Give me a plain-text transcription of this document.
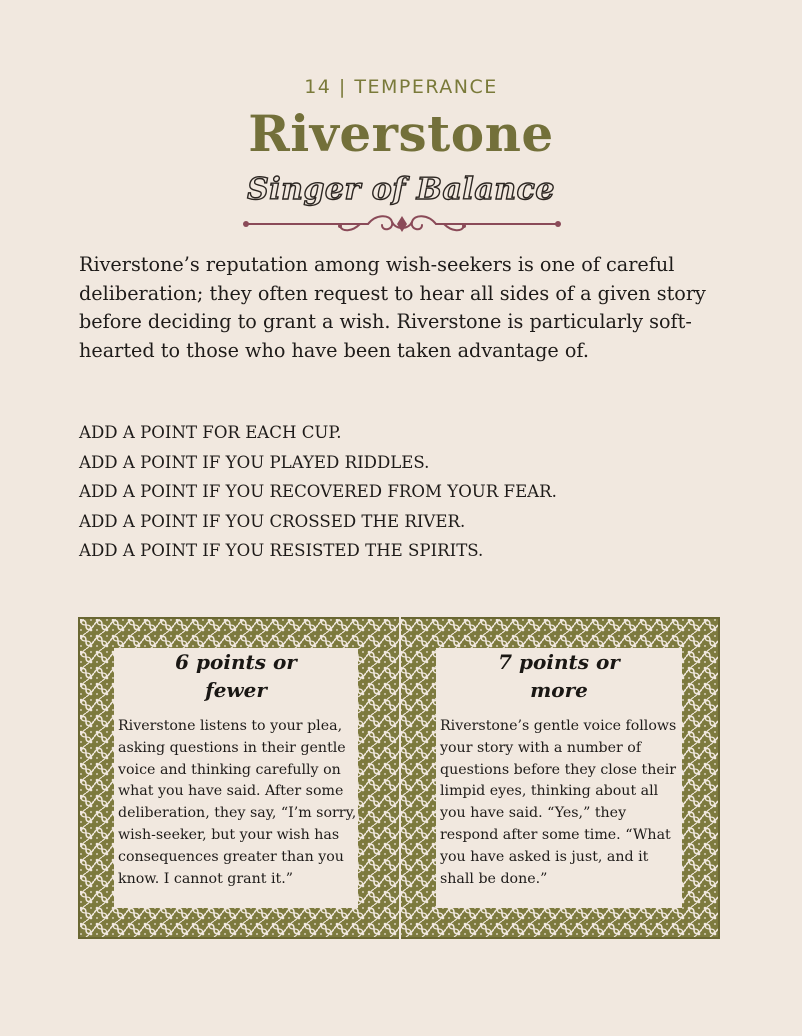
14 | TEMPERANCE
Riverstone
Singer of Balance
Riverstone’s reputation among wish-seekers is one of careful deliberation; they often request to hear all sides of a given story before deciding to grant a wish. Riverstone is particularly soft-hearted to those who have been taken advantage of.
ADD A POINT FOR EACH CUP.
ADD A POINT IF YOU PLAYED RIDDLES.
ADD A POINT IF YOU RECOVERED FROM YOUR FEAR.
ADD A POINT IF YOU CROSSED THE RIVER.
ADD A POINT IF YOU RESISTED THE SPIRITS.
6 points or
fewer

Riverstone listens to your plea, asking questions in their gentle voice and thinking carefully on what you have said. After some deliberation, they say, “I’m sorry, wish-seeker, but your wish has consequences greater than you know. I cannot grant it.”

7 points or
more

Riverstone’s gentle voice follows your story with a number of questions before they close their limpid eyes, thinking about all you have said. “Yes,” they respond after some time. “What you have asked is just, and it shall be done.”
